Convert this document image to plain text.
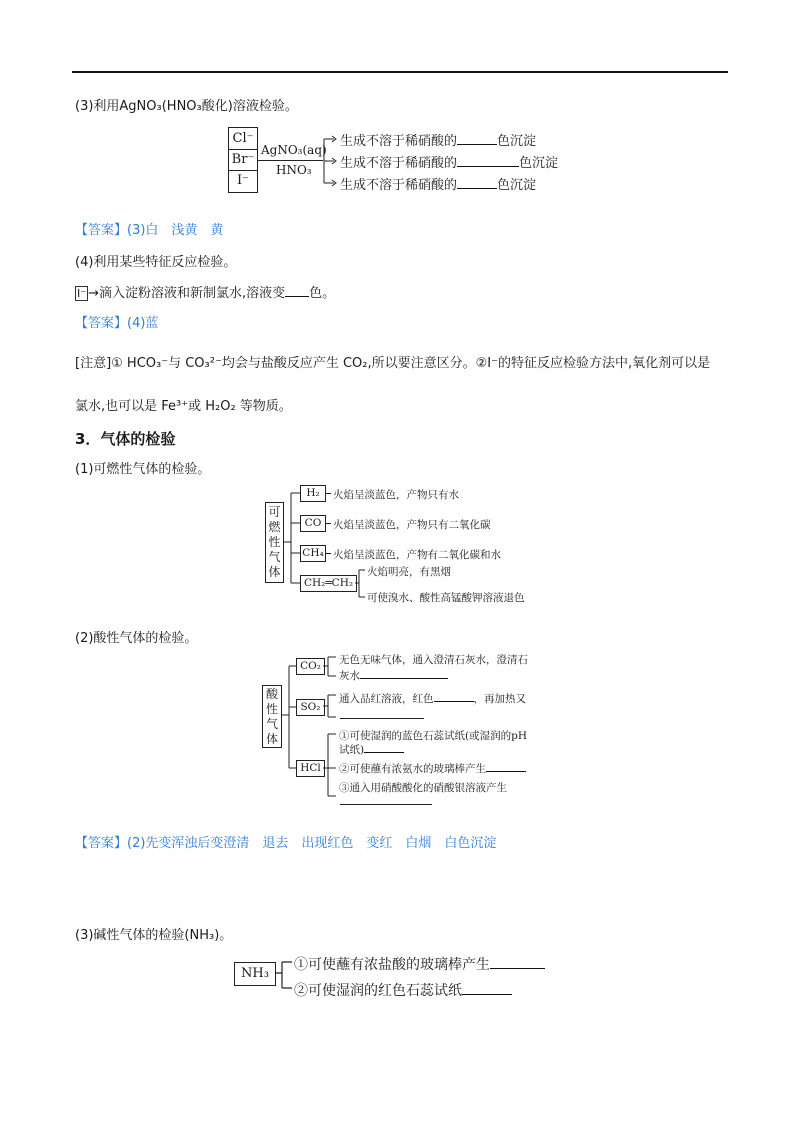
(3)利用AgNO₃(HNO₃酸化)溶液检验。
Cl⁻
Br⁻
I⁻
AgNO₃(aq)
HNO₃
生成不溶于稀硝酸的	色沉淀
生成不溶于稀硝酸的	色沉淀
生成不溶于稀硝酸的	色沉淀
【答案】(3)白　浅黄　黄
(4)利用某些特征反应检验。
I⁻ →滴入淀粉溶液和新制氯水,溶液变 色。
【答案】(4)蓝
[注意]① HCO₃⁻与 CO₃²⁻均会与盐酸反应产生 CO₂,所以要注意区分。②I⁻的特征反应检验方法中,氧化剂可以是
氯水,也可以是 Fe³⁺或 H₂O₂ 等物质。
3．气体的检验
(1)可燃性气体的检验。
可
燃
性
气
体
H₂	火焰呈淡蓝色，产物只有水
CO	火焰呈淡蓝色，产物只有二氧化碳
CH₄ 火焰呈淡蓝色，产物有二氧化碳和水
CH₂═CH₂
火焰明亮，有黑烟
可使溴水、酸性高锰酸钾溶液退色
(2)酸性气体的检验。
酸
性
气
体
CO₂	无色无味气体，通入澄清石灰水，澄清石
灰水
SO₂
通入品红溶液，红色	，再加热又
HCl
①可使湿润的蓝色石蕊试纸(或湿润的pH
试纸)
②可使蘸有浓氨水的玻璃棒产生
③通入用硝酸酸化的硝酸银溶液产生
【答案】(2)先变浑浊后变澄清　退去　出现红色　变红　白烟　白色沉淀
(3)碱性气体的检验(NH₃)。
NH₃
①可使蘸有浓盐酸的玻璃棒产生
②可使湿润的红色石蕊试纸
